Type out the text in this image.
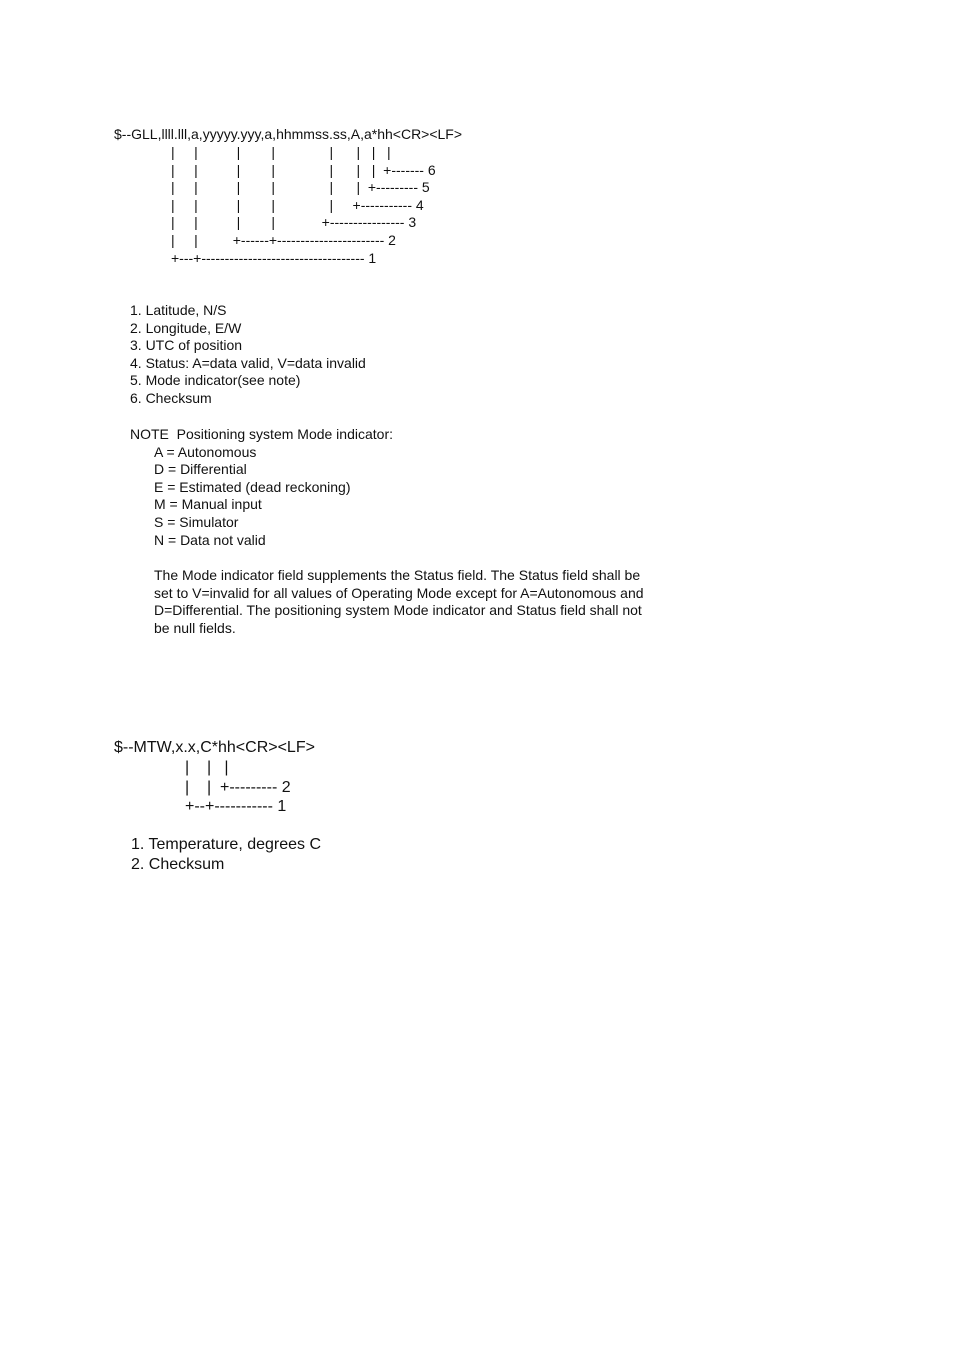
$--GLL,llll.lll,a,yyyyy.yyy,a,hhmmss.ss,A,a*hh<CR><LF>
|     |          |        |              |      |   |   |
|     |          |        |              |      |   |  +------- 6
|     |          |        |              |      |  +--------- 5
|     |          |        |              |     +----------- 4
|     |          |        |            +---------------- 3
|     |         +------+----------------------- 2
+---+----------------------------------- 1
1. Latitude, N/S
2. Longitude, E/W
3. UTC of position
4. Status: A=data valid, V=data invalid
5. Mode indicator(see note)
6. Checksum
NOTE  Positioning system Mode indicator:
A = Autonomous
D = Differential
E = Estimated (dead reckoning)
M = Manual input
S = Simulator
N = Data not valid
The Mode indicator field supplements the Status field. The Status field shall be
set to V=invalid for all values of Operating Mode except for A=Autonomous and
D=Differential. The positioning system Mode indicator and Status field shall not
be null fields.
$--MTW,x.x,C*hh<CR><LF>
|    |   |
|    |  +--------- 2
+--+----------- 1
1. Temperature, degrees C
2. Checksum
